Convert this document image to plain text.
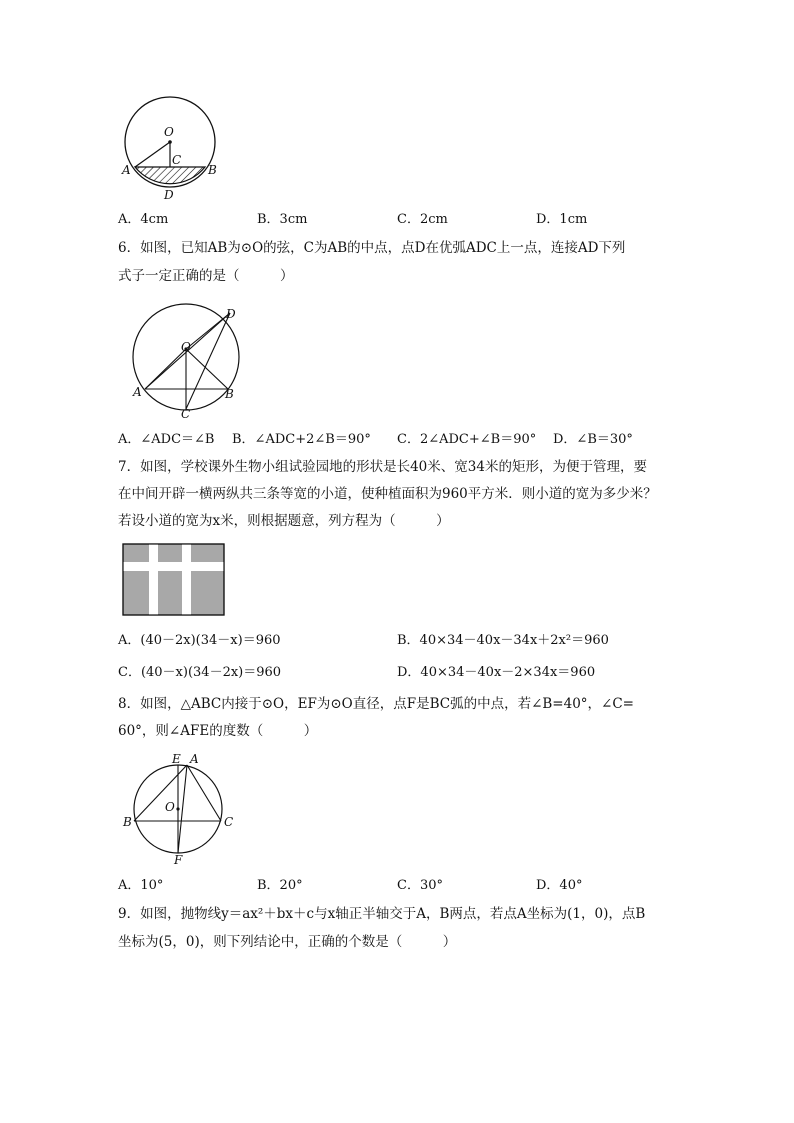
O
C
A	B
D
A．4cm	B．3cm	C．2cm	D．1cm
6．如图，已知AB为⊙O的弦，C为AB的中点，点D在优弧ADC上一点，连接AD下列
式子一定正确的是（　　　）
D
O
A	B
C
A．∠ADC＝∠B B．∠ADC+2∠B＝90° C．2∠ADC+∠B＝90° D．∠B＝30°
7．如图，学校课外生物小组试验园地的形状是长40米、宽34米的矩形，为便于管理，要
在中间开辟一横两纵共三条等宽的小道，使种植面积为960平方米．则小道的宽为多少米？
若设小道的宽为x米，则根据题意，列方程为（　　　）
A．(40－2x)(34－x)＝960	B．40×34－40x－34x＋2x²＝960
C．(40－x)(34－2x)＝960	D．40×34－40x－2×34x＝960
8．如图，△ABC内接于⊙O，EF为⊙O直径，点F是BC弧的中点，若∠B=40°，∠C=
60°，则∠AFE的度数（　　　）
E A
O
B	C
F
A．10°	B．20°	C．30°	D．40°
9．如图，抛物线y＝ax²＋bx＋c与x轴正半轴交于A，B两点，若点A坐标为(1，0)，点B
坐标为(5，0)，则下列结论中，正确的个数是（　　　）
